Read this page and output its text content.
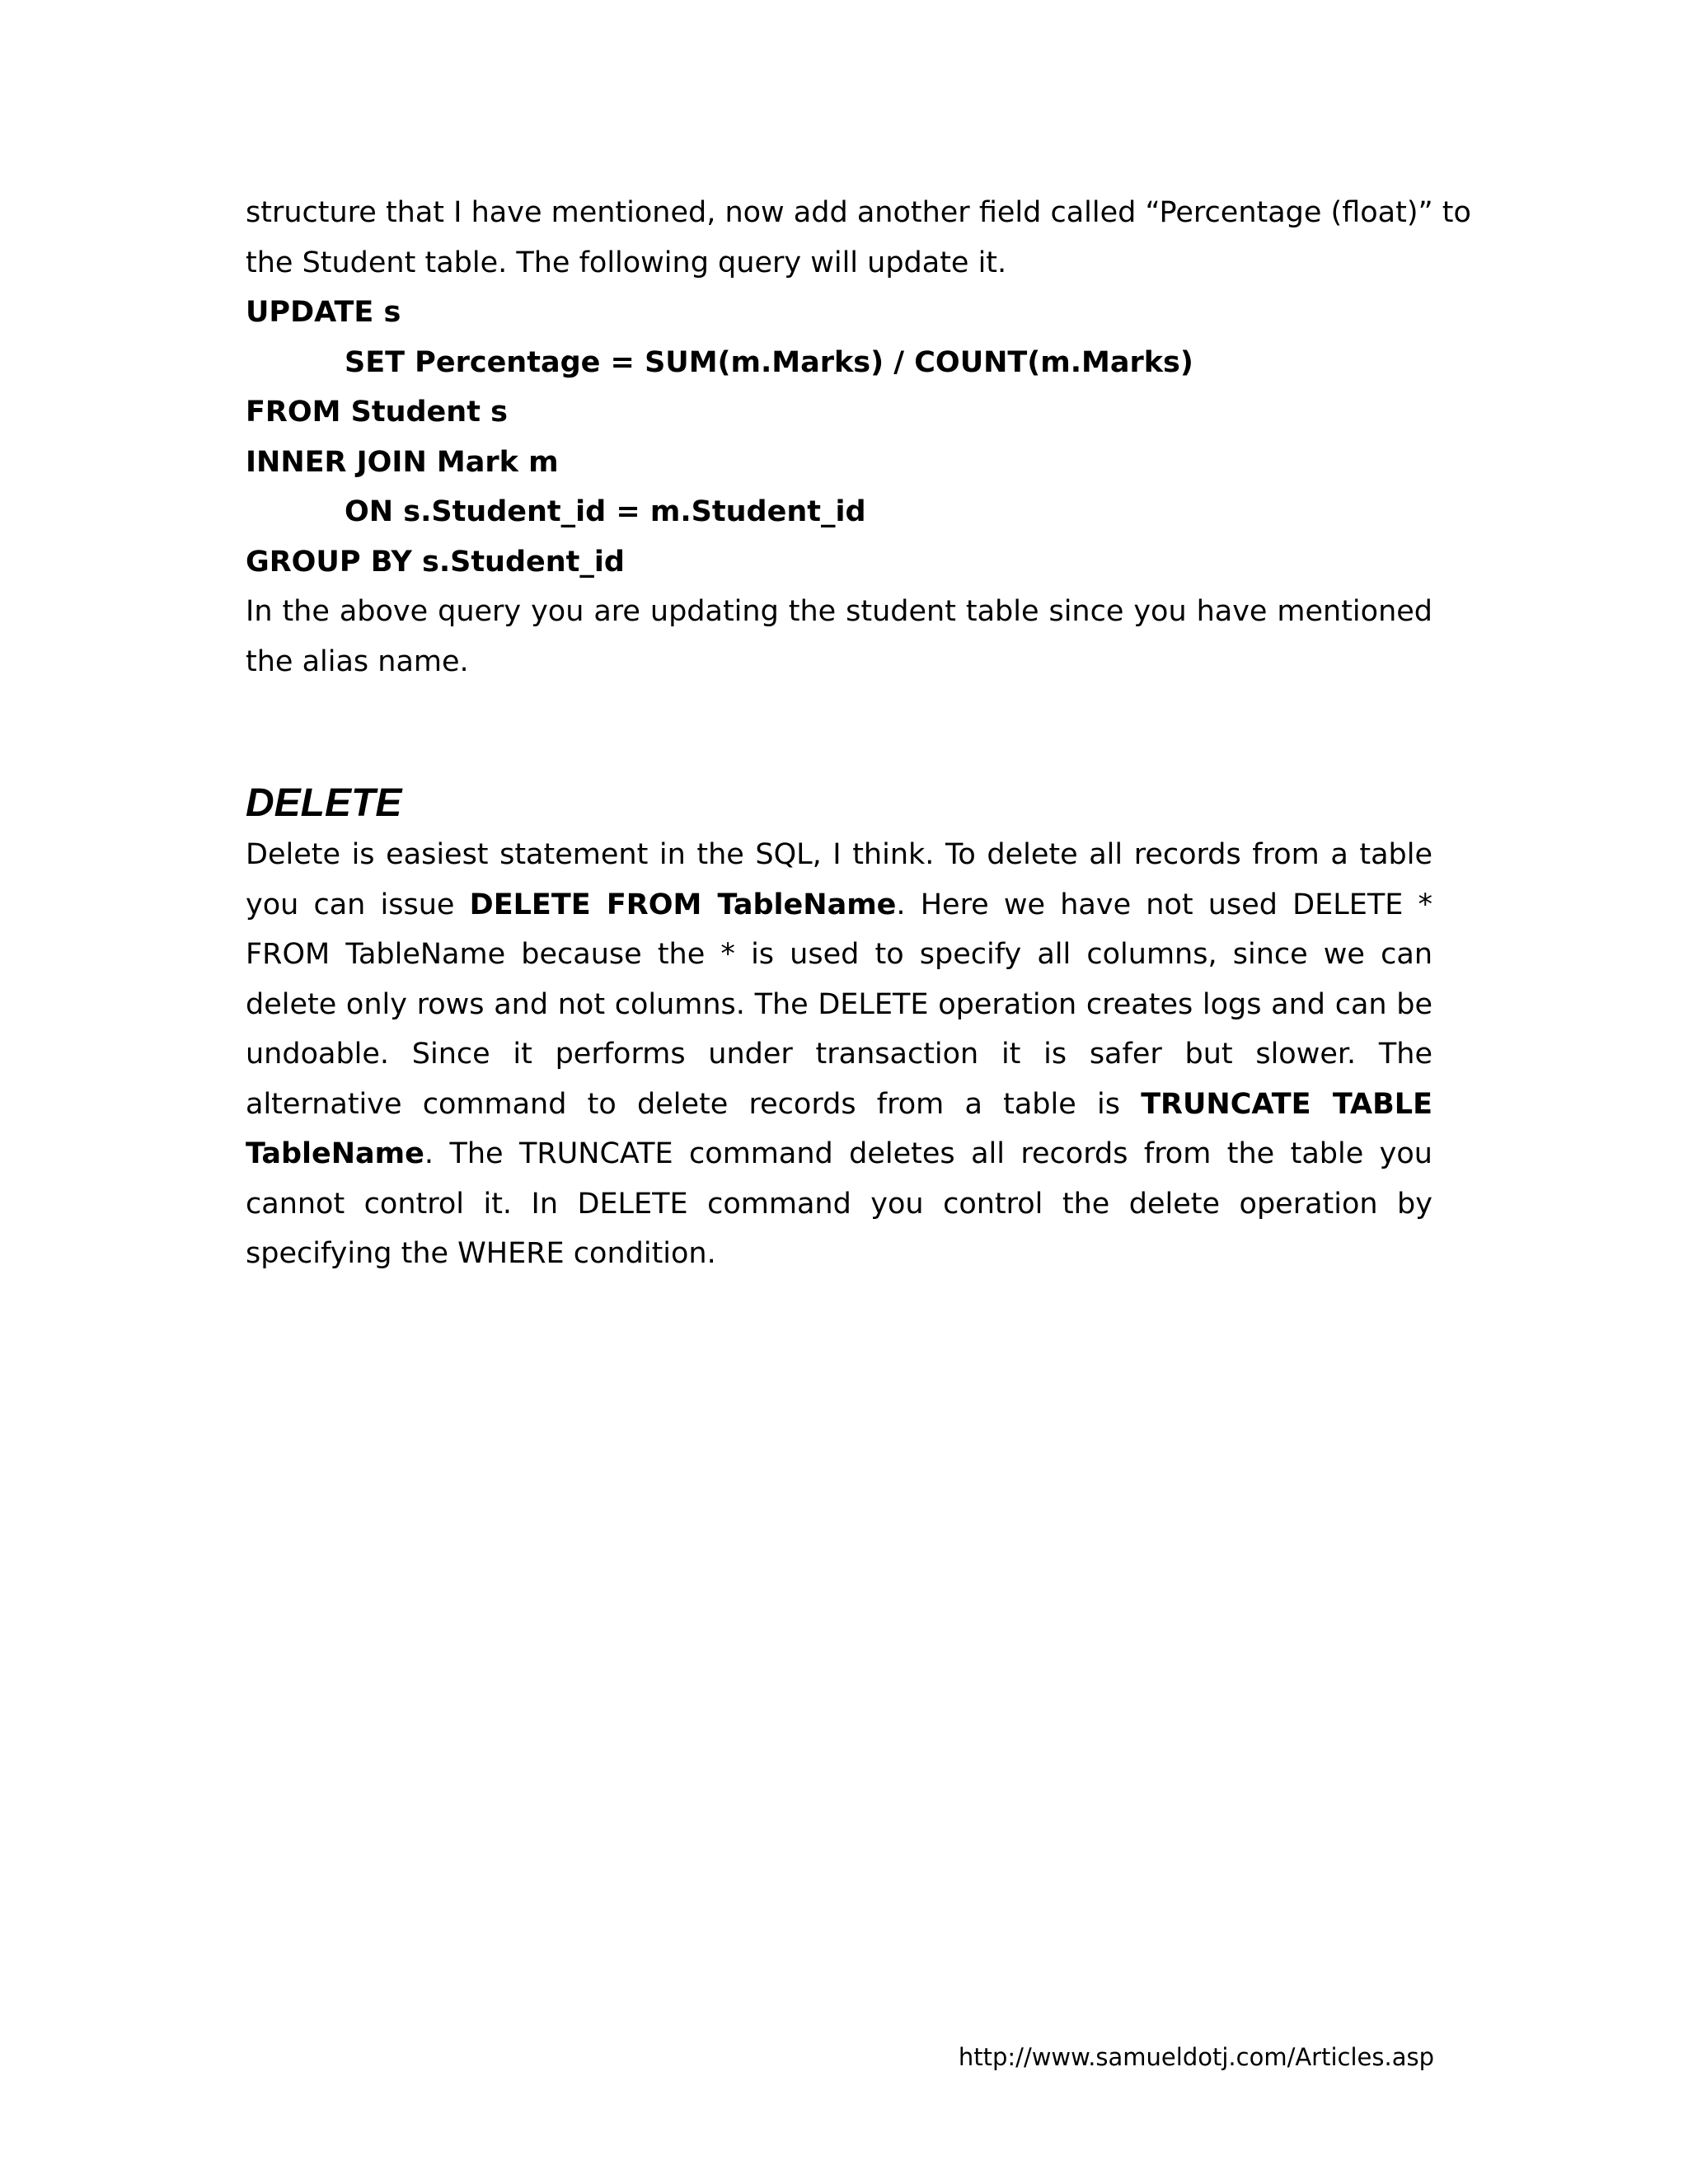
structure that I have mentioned, now add another field called “Percentage (float)” to
the Student table. The following query will update it.
UPDATE s
SET Percentage = SUM(m.Marks) / COUNT(m.Marks)
FROM Student s
INNER JOIN Mark m
ON s.Student_id = m.Student_id
GROUP BY s.Student_id
In the above query you are updating the student table since you have mentioned the alias name.
DELETE
Delete is easiest statement in the SQL, I think. To delete all records from a table you can issue DELETE FROM TableName. Here we have not used DELETE * FROM TableName because the * is used to specify all columns, since we can delete only rows and not columns. The DELETE operation creates logs and can be undoable. Since it performs under transaction it is safer but slower. The alternative command to delete records from a table is TRUNCATE TABLE TableName. The TRUNCATE command deletes all records from the table you cannot control it. In DELETE command you control the delete operation by specifying the WHERE condition.
http://www.samueldotj.com/Articles.asp
